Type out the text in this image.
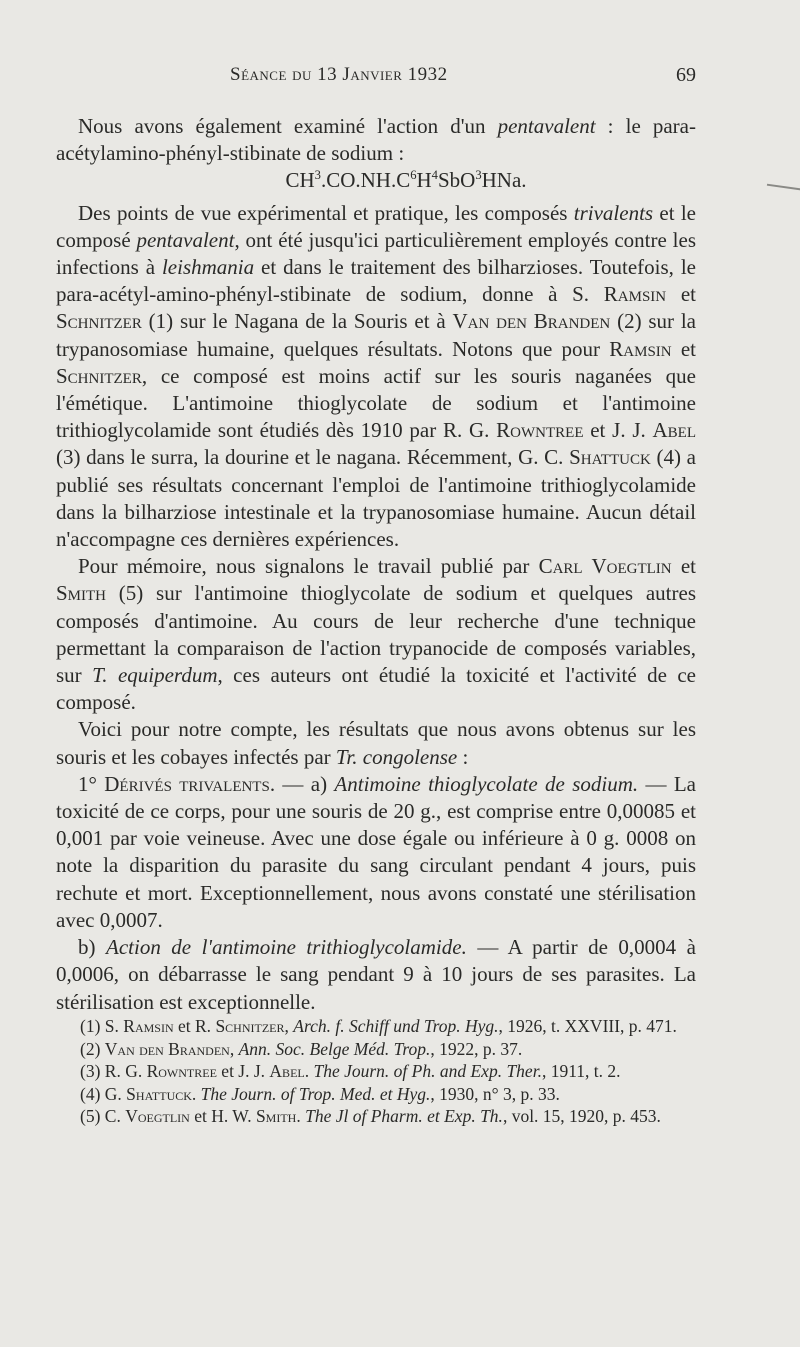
Séance du 13 Janvier 1932	69

Nous avons également examiné l'action d'un pentavalent : le para-acétylamino-phényl-stibinate de sodium :

$CH^3.CO.NH.C^6H^4SbO^3HNa$.

Des points de vue expérimental et pratique, les composés trivalents et le composé pentavalent, ont été jusqu'ici particulièrement employés contre les infections à leishmania et dans le traitement des bilharzioses. Toutefois, le para-acétyl-amino-phényl-stibinate de sodium, donne à S. Ramsin et Schnitzer (1) sur le Nagana de la Souris et à Van den Branden (2) sur la trypanosomiase humaine, quelques résultats. Notons que pour Ramsin et Schnitzer, ce composé est moins actif sur les souris naganées que l'émétique. L'antimoine thioglycolate de sodium et l'antimoine trithioglycolamide sont étudiés dès 1910 par R. G. Rowntree et J. J. Abel (3) dans le surra, la dourine et le nagana. Récemment, G. C. Shattuck (4) a publié ses résultats concernant l'emploi de l'antimoine trithioglycolamide dans la bilharziose intestinale et la trypanosomiase humaine. Aucun détail n'accompagne ces dernières expériences.

Pour mémoire, nous signalons le travail publié par Carl Voegtlin et Smith (5) sur l'antimoine thioglycolate de sodium et quelques autres composés d'antimoine. Au cours de leur recherche d'une technique permettant la comparaison de l'action trypanocide de composés variables, sur T. equiperdum, ces auteurs ont étudié la toxicité et l'activité de ce composé.

Voici pour notre compte, les résultats que nous avons obtenus sur les souris et les cobayes infectés par Tr. congolense :

1° Dérivés trivalents. — a) Antimoine thioglycolate de sodium. — La toxicité de ce corps, pour une souris de 20 g., est comprise entre 0,00085 et 0,001 par voie veineuse. Avec une dose égale ou inférieure à 0 g. 0008 on note la disparition du parasite du sang circulant pendant 4 jours, puis rechute et mort. Exceptionnellement, nous avons constaté une stérilisation avec 0,0007.

b) Action de l'antimoine trithioglycolamide. — A partir de 0,0004 à 0,0006, on débarrasse le sang pendant 9 à 10 jours de ses parasites. La stérilisation est exceptionnelle.

(1) S. Ramsin et R. Schnitzer, Arch. f. Schiff und Trop. Hyg., 1926, t. XXVIII, p. 471.

(2) Van den Branden, Ann. Soc. Belge Méd. Trop., 1922, p. 37.

(3) R. G. Rowntree et J. J. Abel. The Journ. of Ph. and Exp. Ther., 1911, t. 2.

(4) G. Shattuck. The Journ. of Trop. Med. et Hyg., 1930, n° 3, p. 33.

(5) C. Voegtlin et H. W. Smith. The Jl of Pharm. et Exp. Th., vol. 15, 1920, p. 453.
